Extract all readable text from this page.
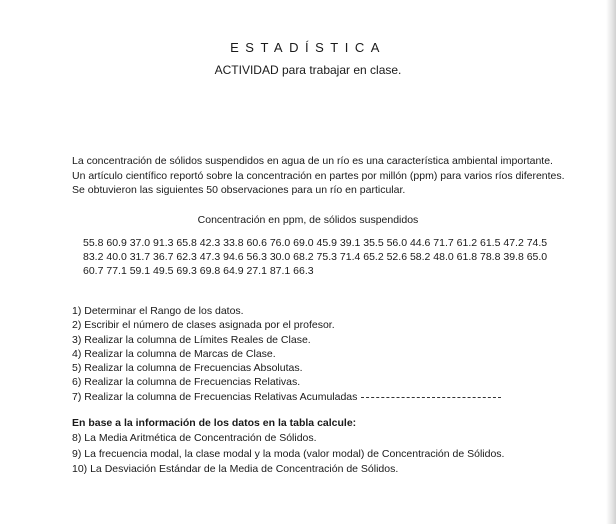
ESTADÍSTICA
ACTIVIDAD para trabajar en clase.
La concentración de sólidos suspendidos en agua de un río es una característica ambiental importante.
Un artículo científico reportó sobre la concentración en partes por millón (ppm) para varios ríos diferentes.
Se obtuvieron las siguientes 50 observaciones para un río en particular.
Concentración en ppm, de sólidos suspendidos
55.8 60.9 37.0 91.3 65.8 42.3 33.8 60.6 76.0 69.0 45.9 39.1 35.5 56.0 44.6 71.7 61.2 61.5 47.2 74.5
83.2 40.0 31.7 36.7 62.3 47.3 94.6 56.3 30.0 68.2 75.3 71.4 65.2 52.6 58.2 48.0 61.8 78.8 39.8 65.0
60.7 77.1 59.1 49.5 69.3 69.8 64.9 27.1 87.1 66.3
1) Determinar el Rango de los datos.
2) Escribir el número de clases asignada por el profesor.
3) Realizar la columna de Límites Reales de Clase.
4) Realizar la columna de Marcas de Clase.
5) Realizar la columna de Frecuencias Absolutas.
6) Realizar la columna de Frecuencias Relativas.
7) Realizar la columna de Frecuencias Relativas Acumuladas
En base a la información de los datos en la tabla calcule:
8) La Media Aritmética de Concentración de Sólidos.
9) La frecuencia modal, la clase modal y la moda (valor modal) de Concentración de Sólidos.
10) La Desviación Estándar de la Media de Concentración de Sólidos.
